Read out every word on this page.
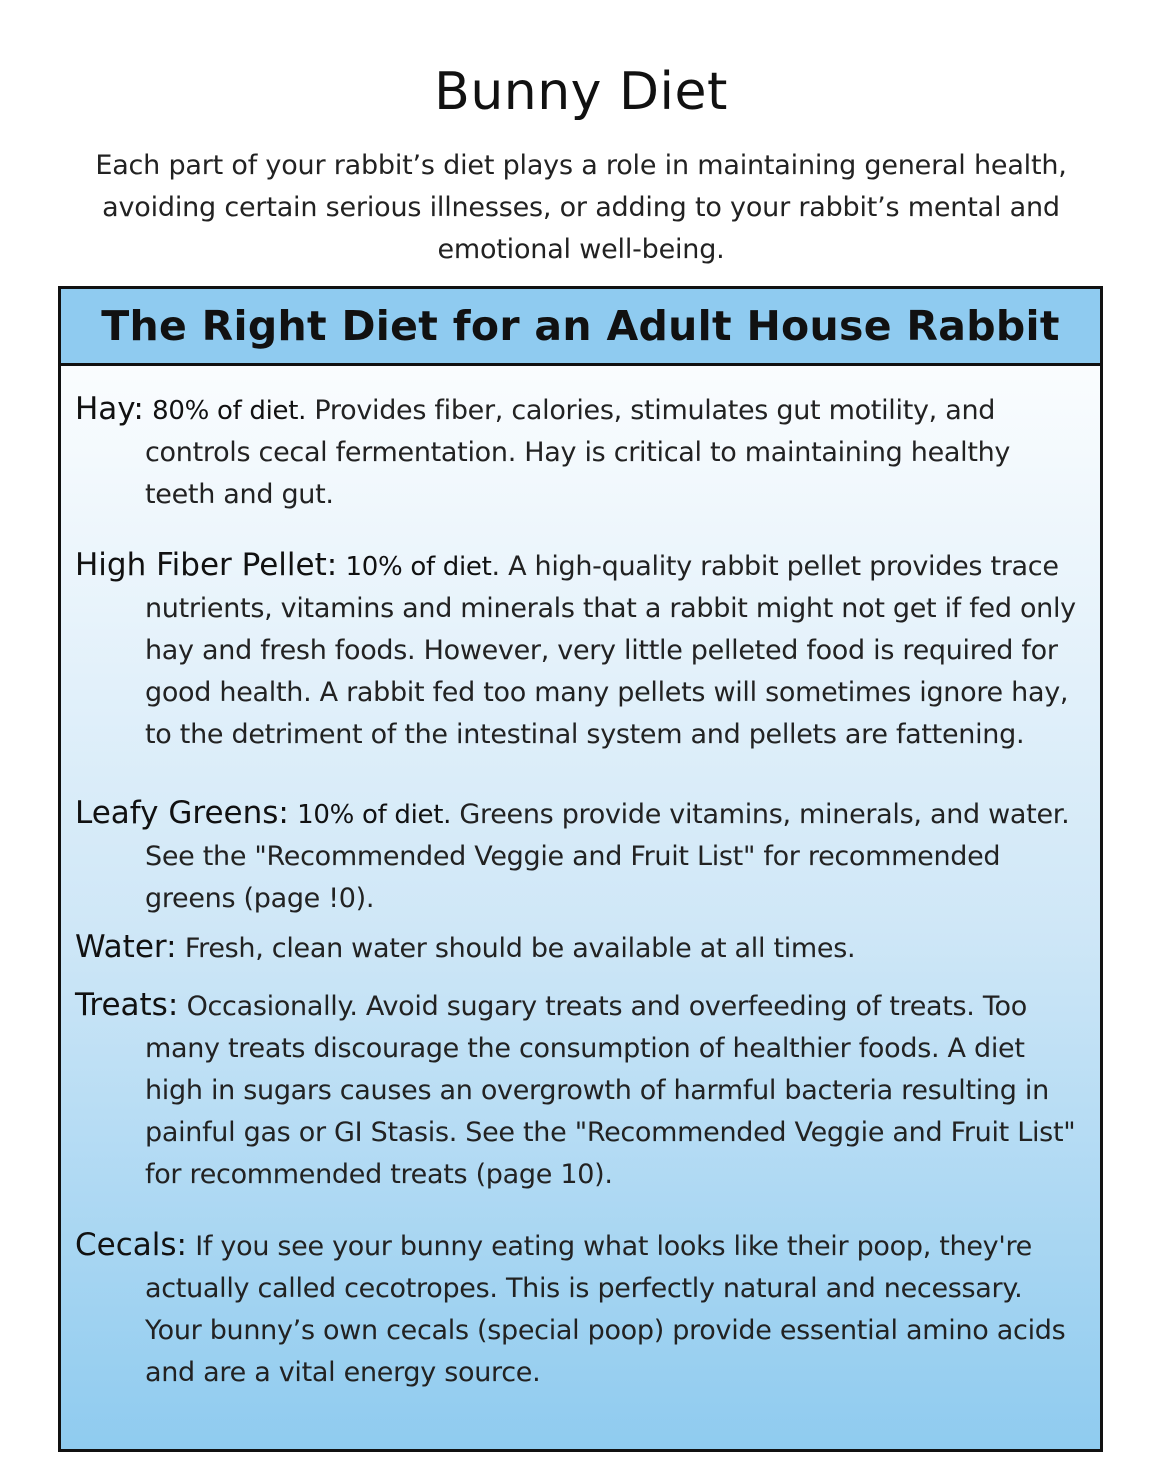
Bunny Diet

Each part of your rabbit’s diet plays a role in maintaining general health, avoiding certain serious illnesses, or adding to your rabbit’s mental and emotional well-being.

The Right Diet for an Adult House Rabbit
Hay: 80% of diet. Provides fiber, calories, stimulates gut motility, and controls cecal fermentation. Hay is critical to maintaining healthy teeth and gut.
High Fiber Pellet: 10% of diet. A high-quality rabbit pellet provides trace nutrients, vitamins and minerals that a rabbit might not get if fed only hay and fresh foods. However, very little pelleted food is required for good health. A rabbit fed too many pellets will sometimes ignore hay, to the detriment of the intestinal system and pellets are fattening.
Leafy Greens: 10% of diet. Greens provide vitamins, minerals, and water. See the "Recommended Veggie and Fruit List" for recommended greens (page !0).
Water: Fresh, clean water should be available at all times.
Treats: Occasionally. Avoid sugary treats and overfeeding of treats. Too many treats discourage the consumption of healthier foods. A diet high in sugars causes an overgrowth of harmful bacteria resulting in painful gas or GI Stasis. See the "Recommended Veggie and Fruit List" for recommended treats (page 10).
Cecals: If you see your bunny eating what looks like their poop, they're actually called cecotropes. This is perfectly natural and necessary. Your bunny’s own cecals (special poop) provide essential amino acids and are a vital energy source.
